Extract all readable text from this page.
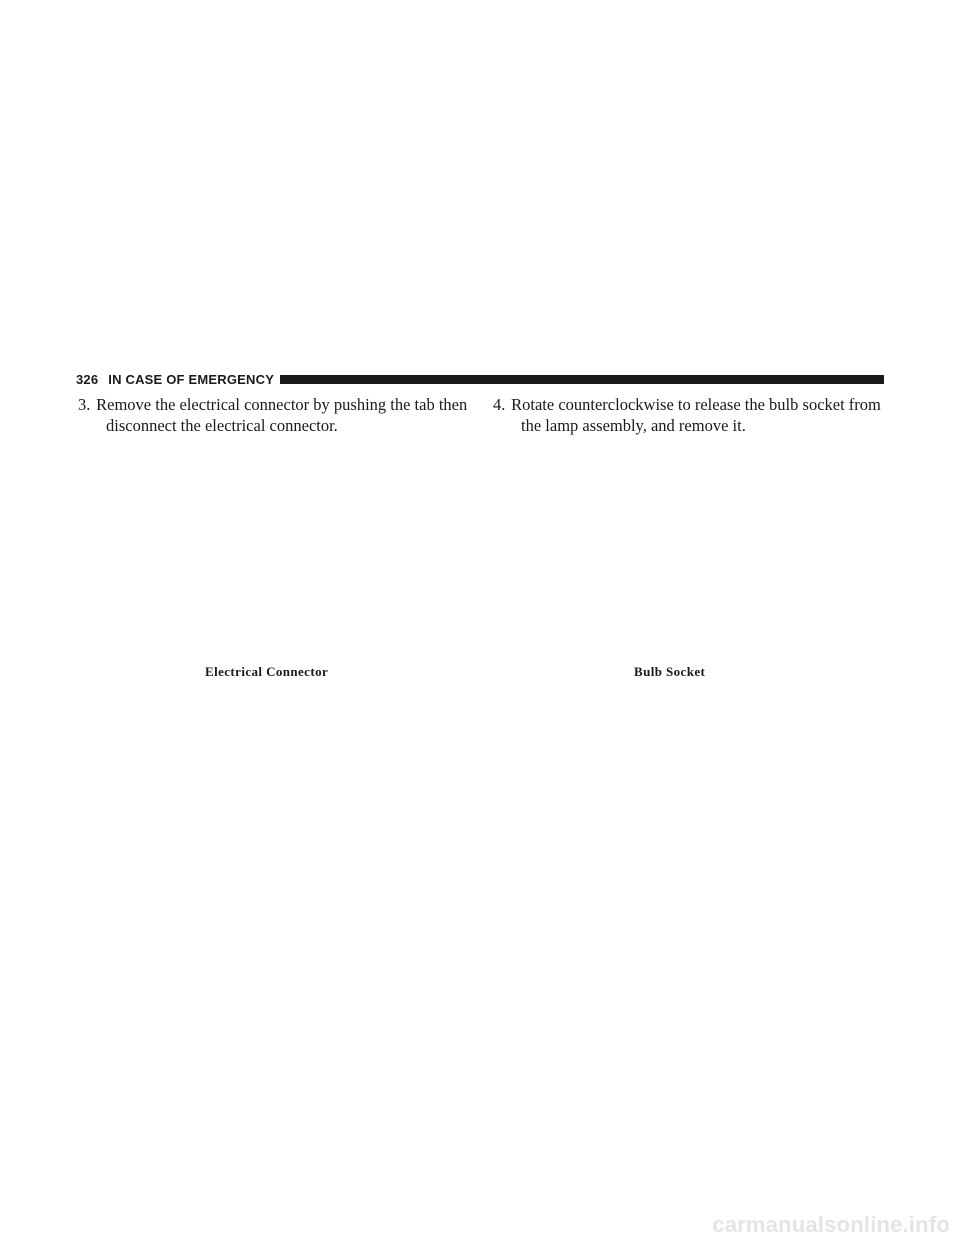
326 IN CASE OF EMERGENCY
3. Remove the electrical connector by pushing the tab then
disconnect the electrical connector.
4. Rotate counterclockwise to release the bulb socket from
the lamp assembly, and remove it.
Electrical Connector	Bulb Socket
carmanualsonline.info
